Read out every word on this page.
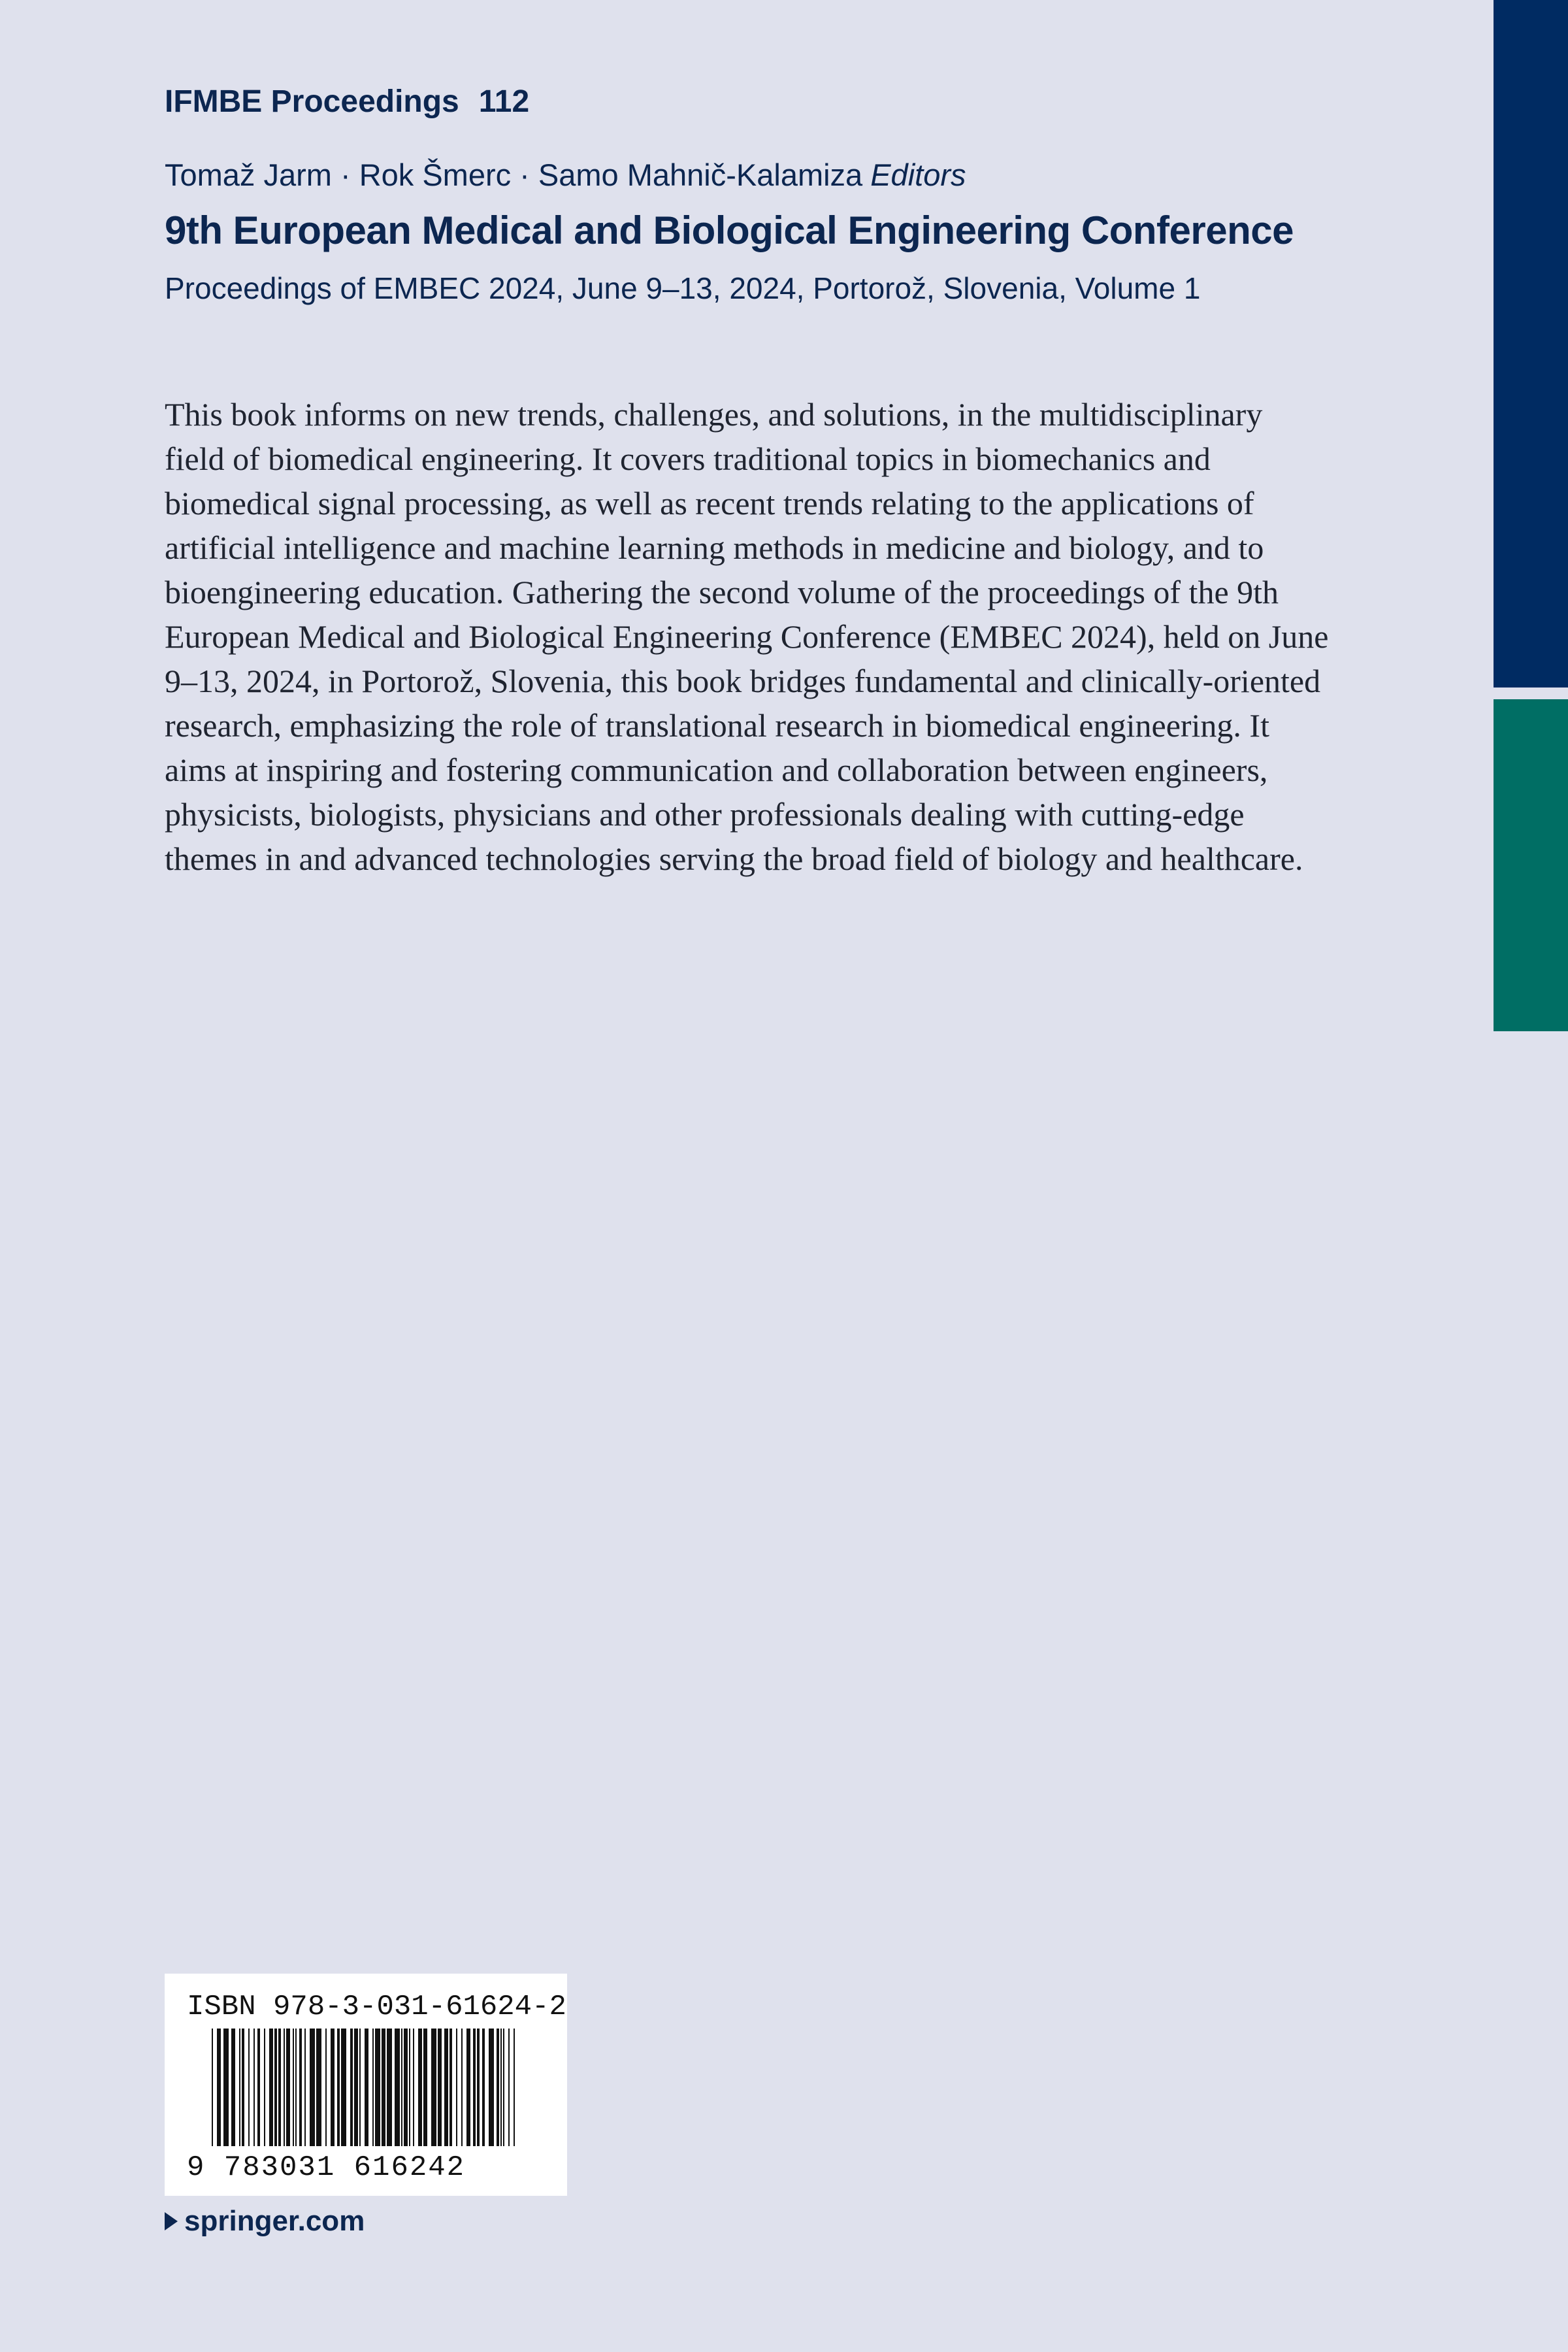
IFMBE Proceedings 112
Tomaž Jarm · Rok Šmerc · Samo Mahnič-Kalamiza Editors
9th European Medical and Biological Engineering Conference
Proceedings of EMBEC 2024, June 9–13, 2024, Portorož, Slovenia, Volume 1
This book informs on new trends, challenges, and solutions, in the multidisciplinary
field of biomedical engineering. It covers traditional topics in biomechanics and
biomedical signal processing, as well as recent trends relating to the applications of
artificial intelligence and machine learning methods in medicine and biology, and to
bioengineering education. Gathering the second volume of the proceedings of the 9th
European Medical and Biological Engineering Conference (EMBEC 2024), held on June
9–13, 2024, in Portorož, Slovenia, this book bridges fundamental and clinically-oriented
research, emphasizing the role of translational research in biomedical engineering. It
aims at inspiring and fostering communication and collaboration between engineers,
physicists, biologists, physicians and other professionals dealing with cutting-edge
themes in and advanced technologies serving the broad field of biology and healthcare.
ISBN 978-3-031-61624-2
9 783031 616242
springer.com
